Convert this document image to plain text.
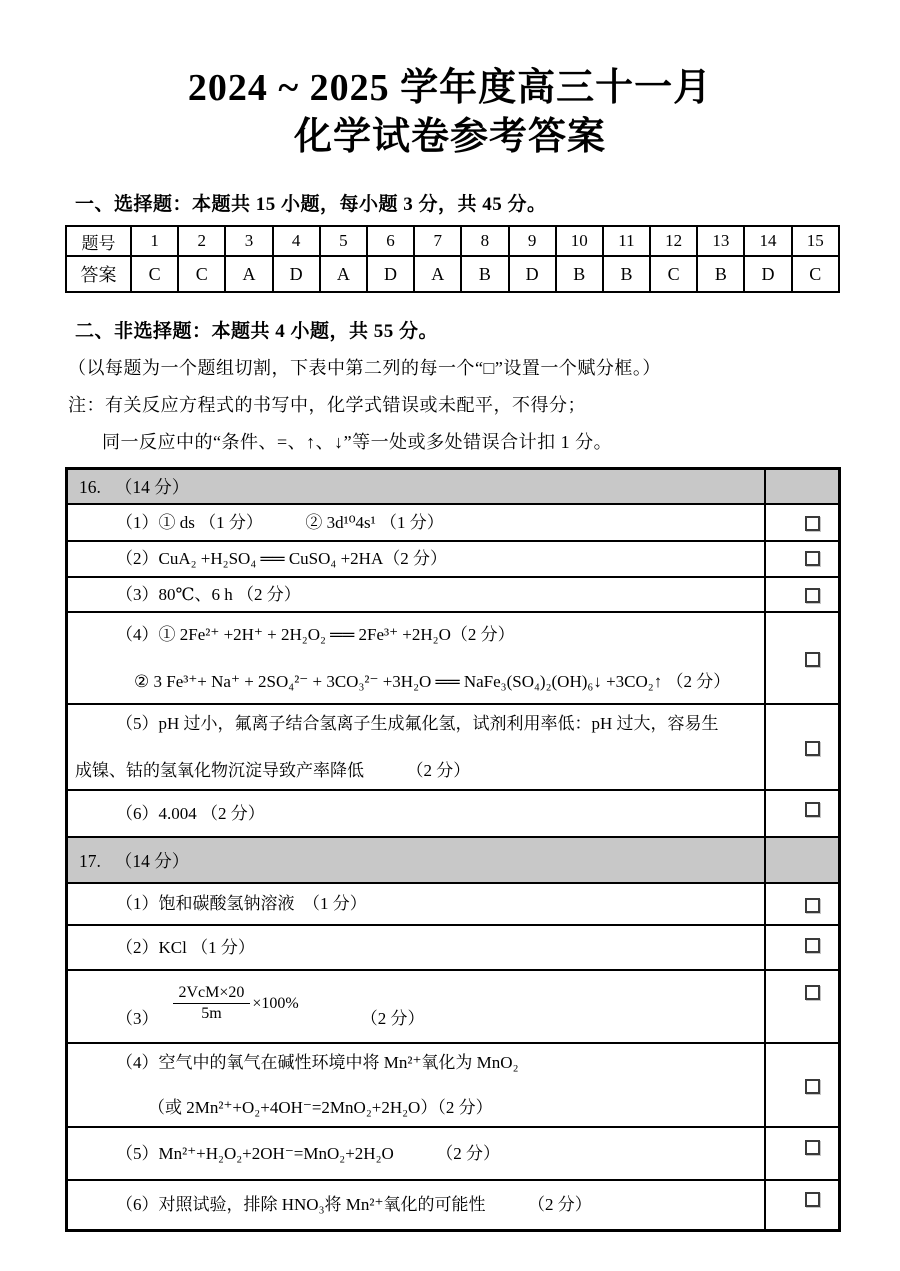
2024 ~ 2025 学年度高三十一月
化学试卷参考答案
一、选择题：本题共 15 小题，每小题 3 分，共 45 分。
题号	1	2	3	4	5	6	7	8	9	10	11	12	13	14	15
答案	C	C	A	D	A	D	A	B	D	B	B	C	B	D	C
二、非选择题：本题共 4 小题，共 55 分。
（以每题为一个题组切割，下表中第二列的每一个“□”设置一个赋分框。）
注：有关反应方程式的书写中，化学式错误或未配平，不得分；
同一反应中的“条件、=、↑、↓”等一处或多处错误合计扣 1 分。
16. （14 分）	

（1）① ds （1 分）　　　② 3d¹⁰4s¹ （1 分）	

（2）CuA₂ +H₂SO₄ ══ CuSO₄ +2HA（2 分）	

（3）80℃、6 h （2 分）	

（4）① 2Fe²⁺ +2H⁺ + 2H₂O₂ ══ 2Fe³⁺ +2H₂O（2 分）
② 3 Fe³⁺+ Na⁺ + 2SO₄²⁻ + 3CO₃²⁻ +3H₂O ══ NaFe₃(SO₄)₂(OH)₆↓ +3CO₂↑ （2 分）	

（5）pH 过小，氟离子结合氢离子生成氟化氢，试剂利用率低：pH 过大，容易生
成镍、钴的氢氧化物沉淀导致产率降低　　　（2 分）	

（6）4.004 （2 分）	

17. （14 分）	

（1）饱和碳酸氢钠溶液　（1 分）	

（2）KCl （1 分）	

$(3) \frac{\text{2VcM×20}}{5m} \times 100\%$
（2 分）	

（4）空气中的氧气在碱性环境中将 Mn²⁺氧化为 MnO₂
（或 2Mn²⁺+O₂+4OH⁻=2MnO₂+2H₂O）（2 分）	

（5）Mn²⁺+H₂O₂+2OH⁻=MnO₂+2H₂O　　　（2 分）	

（6）对照试验，排除 HNO₃将 Mn²⁺氧化的可能性　　　（2 分）	
